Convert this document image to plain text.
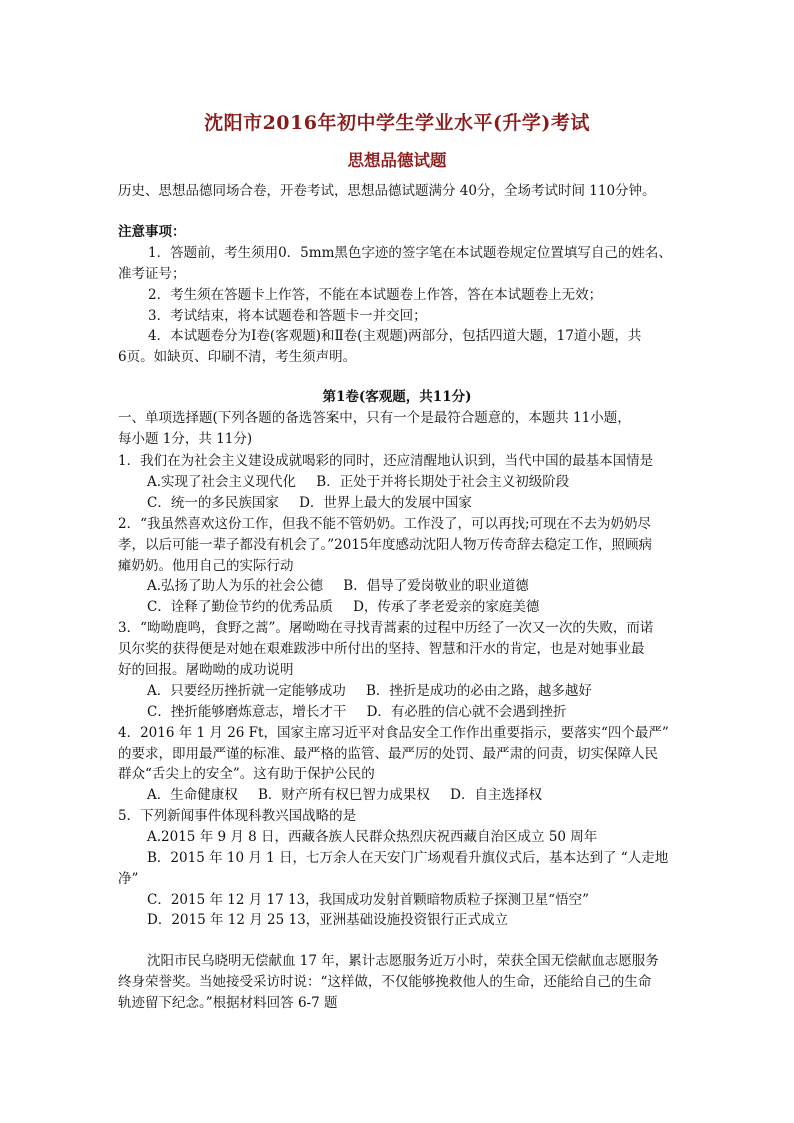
沈阳市2016年初中学生学业水平(升学)考试
思想品德试题
历史、思想品德同场合卷，开卷考试，思想品德试题满分 40分，全场考试时间 110分钟。
注意事项：
1．答题前，考生须用0．5mm黑色字迹的签字笔在本试题卷规定位置填写自己的姓名、
准考证号；
2．考生须在答题卡上作答，不能在本试题卷上作答，答在本试题卷上无效；
3．考试结束，将本试题卷和答题卡一并交回；
4．本试题卷分为Ⅰ卷(客观题)和Ⅱ卷(主观题)两部分，包括四道大题，17道小题，共
6页。如缺页、印刷不清，考生须声明。
第1卷(客观题，共11分)
一、单项选择题(下列各题的备选答案中，只有一个是最符合题意的，本题共 11小题，
每小题 1分，共 11分)
1．我们在为社会主义建设成就喝彩的同时，还应清醒地认识到，当代中国的最基本国情是
A.实现了社会主义现代化   B．正处于并将长期处于社会主义初级阶段
C．统一的多民族国家   D．世界上最大的发展中国家
2．“我虽然喜欢这份工作，但我不能不管奶奶。工作没了，可以再找;可现在不去为奶奶尽
孝，以后可能一辈子都没有机会了。”2015年度感动沈阳人物万传奇辞去稳定工作，照顾病
瘫奶奶。他用自己的实际行动
A.弘扬了助人为乐的社会公德   B．倡导了爱岗敬业的职业道德
C．诠释了勤俭节约的优秀品质   D，传承了孝老爱亲的家庭美德
3．“呦呦鹿鸣，食野之蒿”。屠呦呦在寻找青蒿素的过程中历经了一次又一次的失败，而诺
贝尔奖的获得便是对她在艰难跋涉中所付出的坚持、智慧和汗水的肯定，也是对她事业最
好的回报。屠呦呦的成功说明
A．只要经历挫折就一定能够成功   B．挫折是成功的必由之路，越多越好
C．挫折能够磨炼意志，增长才干   D．有必胜的信心就不会遇到挫折
4．2016 年 1 月 26 Ft，国家主席习近平对食品安全工作作出重要指示，要落实“四个最严”
的要求，即用最严谨的标准、最严格的监管、最严厉的处罚、最严肃的问责，切实保障人民
群众“舌尖上的安全”。这有助于保护公民的
A．生命健康权   B．财产所有权巳智力成果权   D．自主选择权
5．下列新闻事件体现科教兴国战略的是
A.2015 年 9 月 8 日，西藏各族人民群众热烈庆祝西藏自治区成立 50 周年
B．2015 年 10 月 1 日，七万余人在天安门广场观看升旗仪式后，基本达到了 “人走地
净”
C．2015 年 12 月 17 13，我国成功发射首颗暗物质粒子探测卫星“悟空”
D．2015 年 12 月 25 13，亚洲基础设施投资银行正式成立
沈阳市民乌晓明无偿献血 17 年，累计志愿服务近万小时，荣获全国无偿献血志愿服务
终身荣誉奖。当她接受采访时说：“这样做，不仅能够挽救他人的生命，还能给自己的生命
轨迹留下纪念。”根据材料回答 6-7 题
